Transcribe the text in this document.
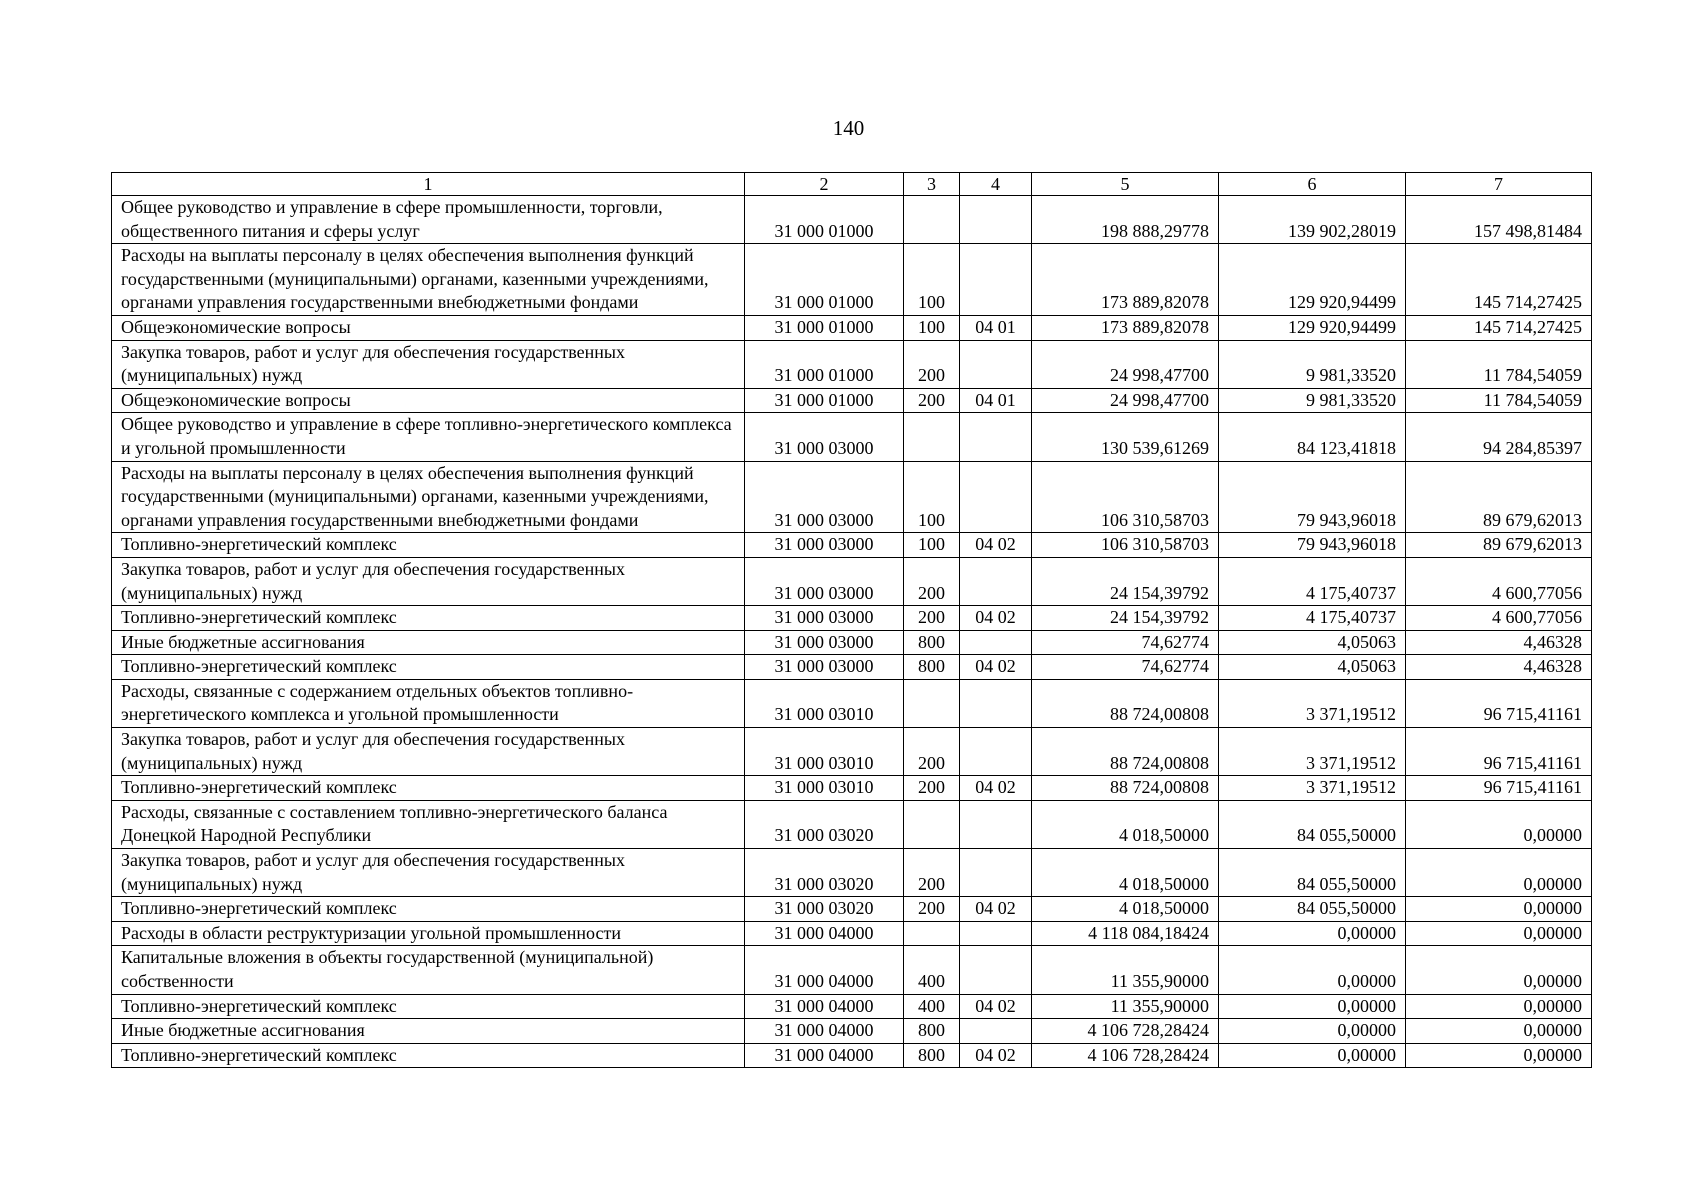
140
1	2	3	4	5	6	7
Общее руководство и управление в сфере промышленности, торговли, общественного питания и сферы услуг	31 000 01000			198 888,29778	139 902,28019	157 498,81484
Расходы на выплаты персоналу в целях обеспечения выполнения функций государственными (муниципальными) органами, казенными учреждениями, органами управления государственными внебюджетными фондами	31 000 01000	100		173 889,82078	129 920,94499	145 714,27425
Общеэкономические вопросы	31 000 01000	100	04 01	173 889,82078	129 920,94499	145 714,27425
Закупка товаров, работ и услуг для обеспечения государственных (муниципальных) нужд	31 000 01000	200		24 998,47700	9 981,33520	11 784,54059
Общеэкономические вопросы	31 000 01000	200	04 01	24 998,47700	9 981,33520	11 784,54059
Общее руководство и управление в сфере топливно-энергетического комплекса и угольной промышленности	31 000 03000			130 539,61269	84 123,41818	94 284,85397
Расходы на выплаты персоналу в целях обеспечения выполнения функций государственными (муниципальными) органами, казенными учреждениями, органами управления государственными внебюджетными фондами	31 000 03000	100		106 310,58703	79 943,96018	89 679,62013
Топливно-энергетический комплекс	31 000 03000	100	04 02	106 310,58703	79 943,96018	89 679,62013
Закупка товаров, работ и услуг для обеспечения государственных (муниципальных) нужд	31 000 03000	200		24 154,39792	4 175,40737	4 600,77056
Топливно-энергетический комплекс	31 000 03000	200	04 02	24 154,39792	4 175,40737	4 600,77056
Иные бюджетные ассигнования	31 000 03000	800		74,62774	4,05063	4,46328
Топливно-энергетический комплекс	31 000 03000	800	04 02	74,62774	4,05063	4,46328
Расходы, связанные с содержанием отдельных объектов топливно-энергетического комплекса и угольной промышленности	31 000 03010			88 724,00808	3 371,19512	96 715,41161
Закупка товаров, работ и услуг для обеспечения государственных (муниципальных) нужд	31 000 03010	200		88 724,00808	3 371,19512	96 715,41161
Топливно-энергетический комплекс	31 000 03010	200	04 02	88 724,00808	3 371,19512	96 715,41161
Расходы, связанные с составлением топливно-энергетического баланса Донецкой Народной Республики	31 000 03020			4 018,50000	84 055,50000	0,00000
Закупка товаров, работ и услуг для обеспечения государственных (муниципальных) нужд	31 000 03020	200		4 018,50000	84 055,50000	0,00000
Топливно-энергетический комплекс	31 000 03020	200	04 02	4 018,50000	84 055,50000	0,00000
Расходы в области реструктуризации угольной промышленности	31 000 04000			4 118 084,18424	0,00000	0,00000
Капитальные вложения в объекты государственной (муниципальной) собственности	31 000 04000	400		11 355,90000	0,00000	0,00000
Топливно-энергетический комплекс	31 000 04000	400	04 02	11 355,90000	0,00000	0,00000
Иные бюджетные ассигнования	31 000 04000	800		4 106 728,28424	0,00000	0,00000
Топливно-энергетический комплекс	31 000 04000	800	04 02	4 106 728,28424	0,00000	0,00000
